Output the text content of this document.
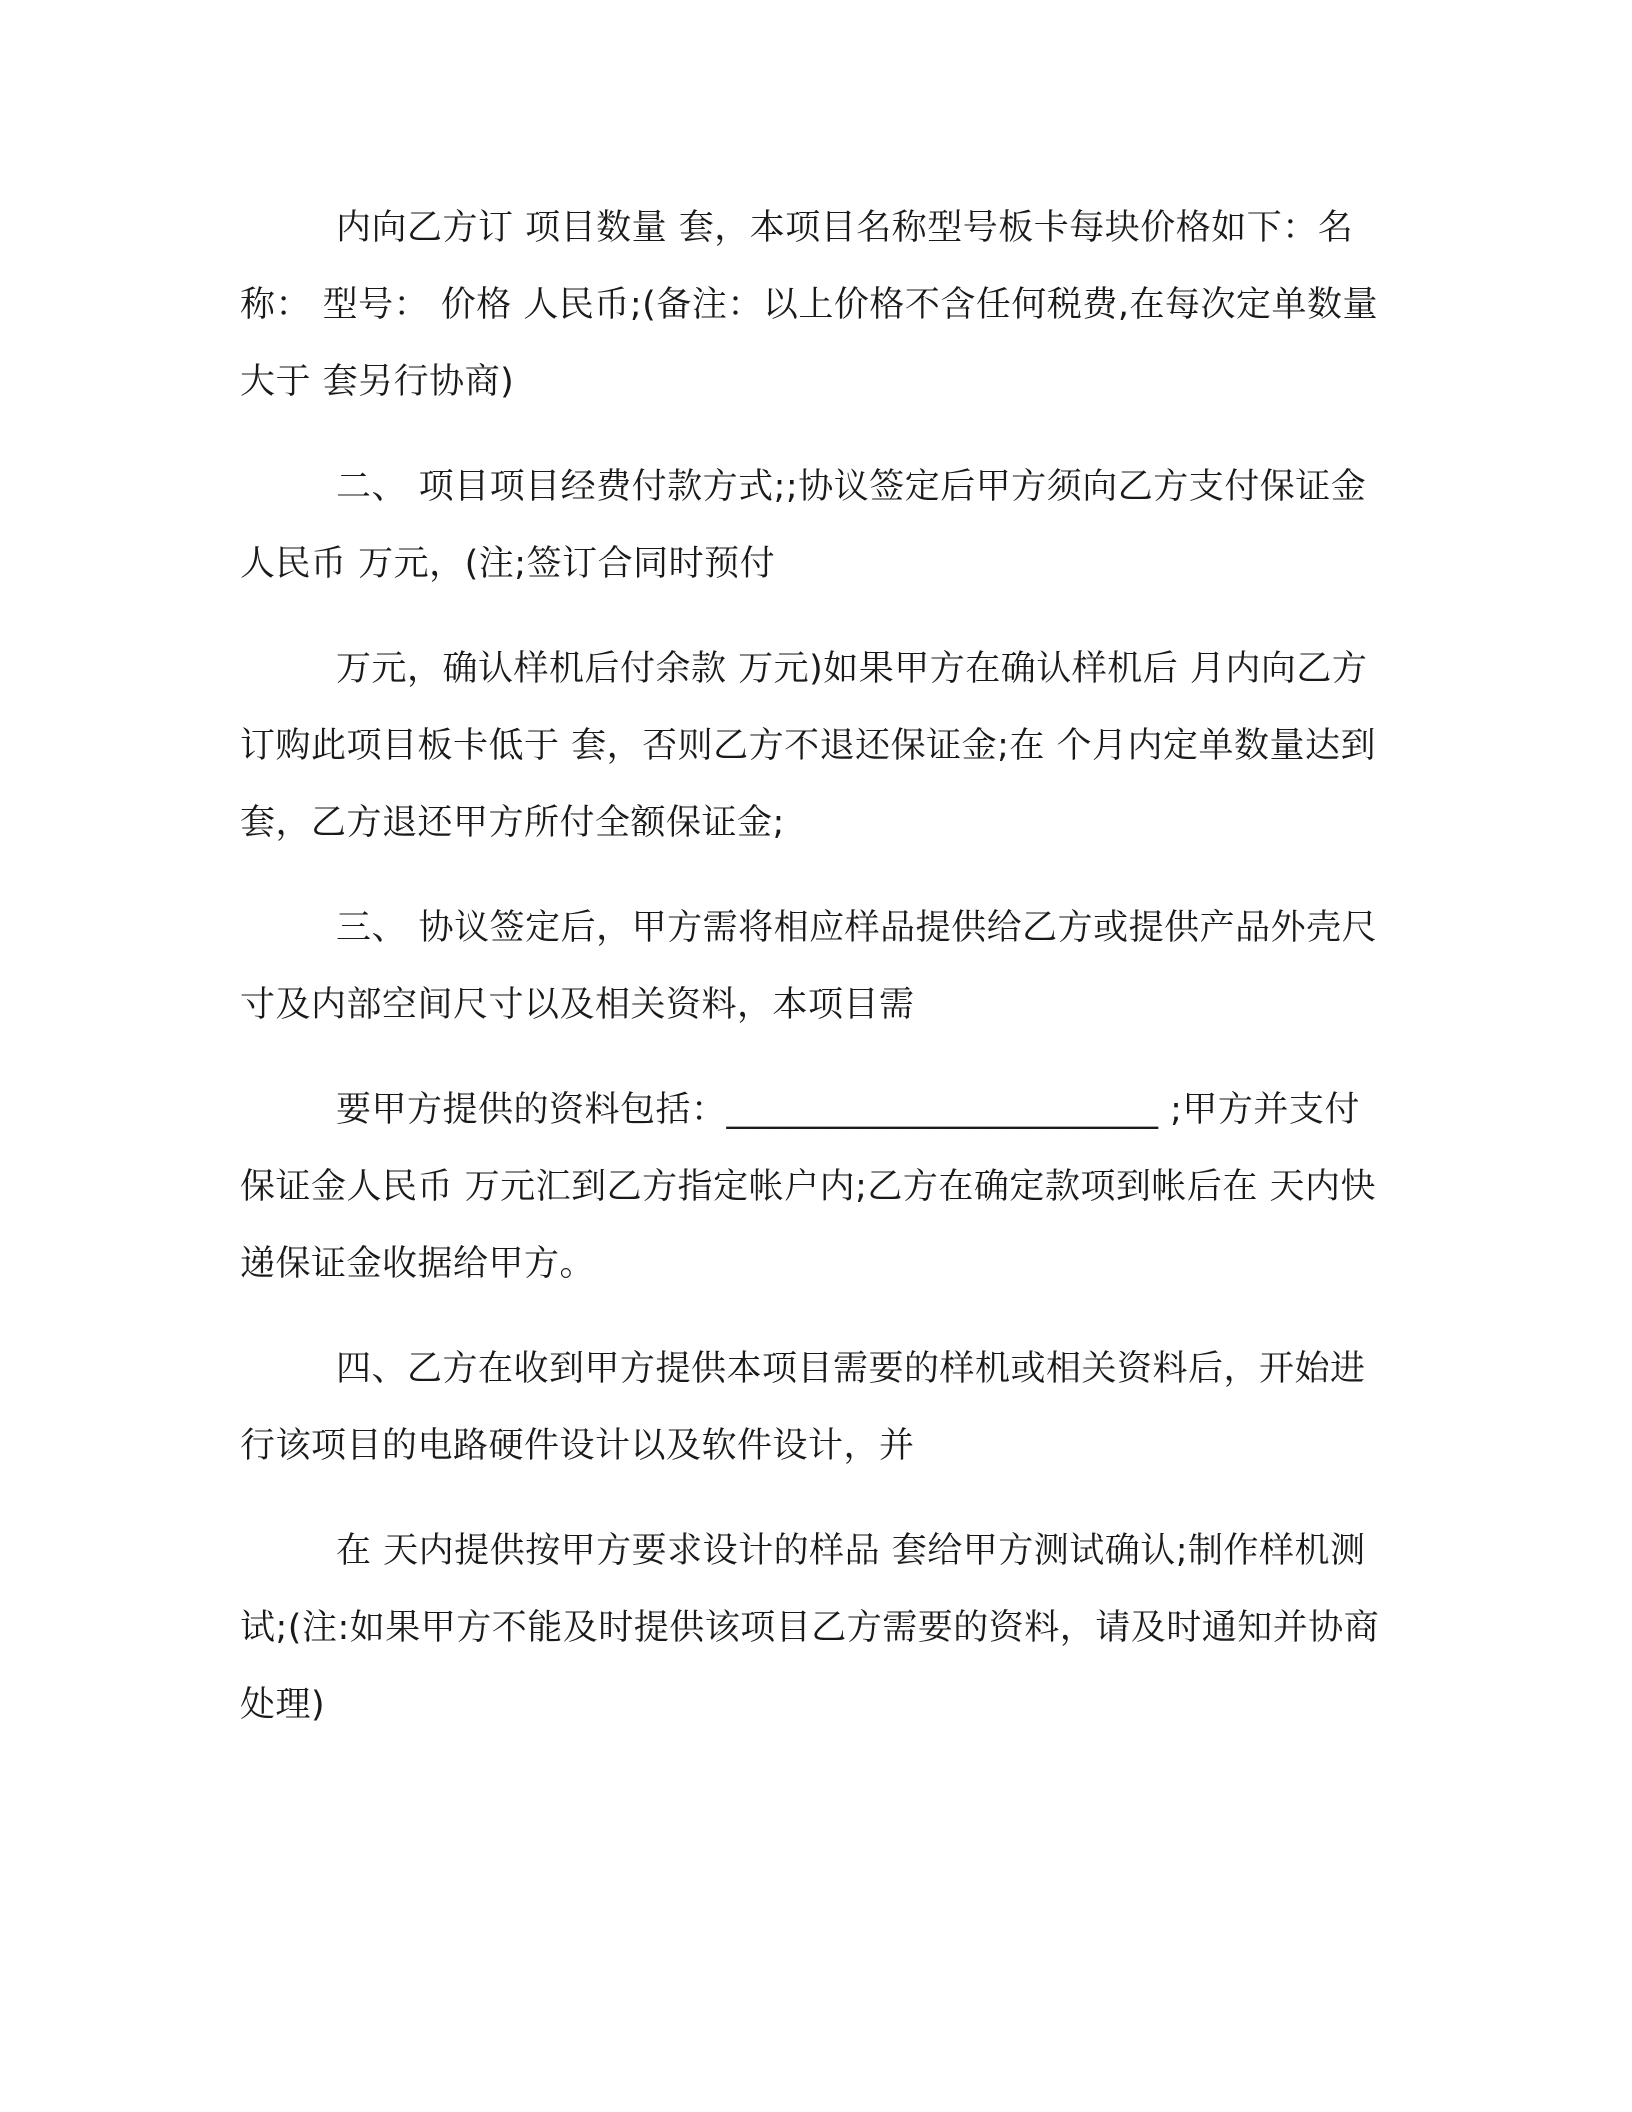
内向乙方订 项目数量 套，本项目名称型号板卡每块价格如下：名称： 型号： 价格 人民币;(备注：以上价格不含任何税费,在每次定单数量大于 套另行协商)

二、 项目项目经费付款方式;;协议签定后甲方须向乙方支付保证金人民币 万元，(注;签订合同时预付

万元，确认样机后付余款 万元)如果甲方在确认样机后 月内向乙方订购此项目板卡低于 套，否则乙方不退还保证金;在 个月内定单数量达到 套，乙方退还甲方所付全额保证金;

三、 协议签定后，甲方需将相应样品提供给乙方或提供产品外壳尺寸及内部空间尺寸以及相关资料，本项目需

要甲方提供的资料包括：________________________ ;甲方并支付保证金人民币 万元汇到乙方指定帐户内;乙方在确定款项到帐后在 天内快递保证金收据给甲方。

四、乙方在收到甲方提供本项目需要的样机或相关资料后，开始进行该项目的电路硬件设计以及软件设计，并

在 天内提供按甲方要求设计的样品 套给甲方测试确认;制作样机测试;(注:如果甲方不能及时提供该项目乙方需要的资料，请及时通知并协商处理)
